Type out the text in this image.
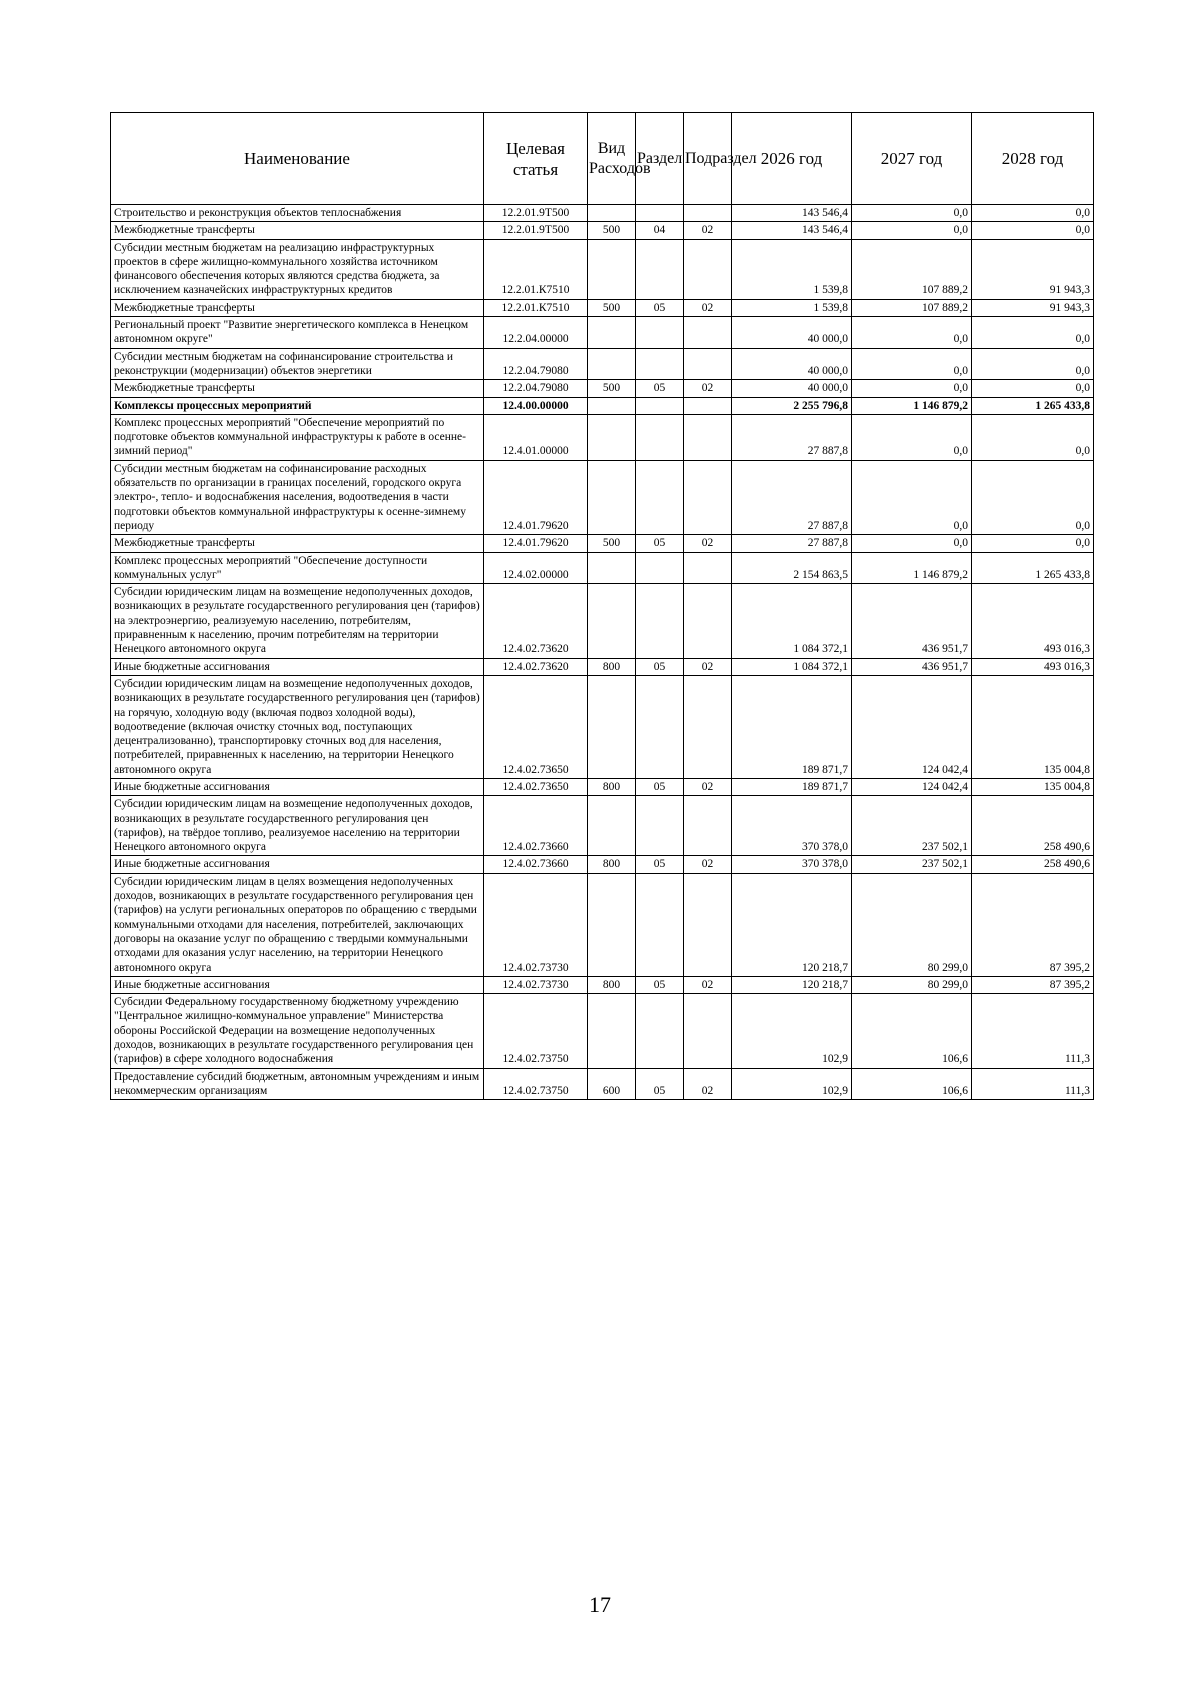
Наименование	Целевая статья	Вид Расходов	Раздел	Подраздел	2026 год	2027 год	2028 год
Строительство и реконструкция объектов теплоснабжения	12.2.01.9Т500				143 546,4	0,0	0,0
Межбюджетные трансферты	12.2.01.9Т500	500	04	02	143 546,4	0,0	0,0
Субсидии местным бюджетам на реализацию инфраструктурных проектов в сфере жилищно-коммунального хозяйства источником финансового обеспечения которых являются средства бюджета, за исключением казначейских инфраструктурных кредитов	12.2.01.К7510				1 539,8	107 889,2	91 943,3
Межбюджетные трансферты	12.2.01.К7510	500	05	02	1 539,8	107 889,2	91 943,3
Региональный проект "Развитие энергетического комплекса в Ненецком автономном округе"	12.2.04.00000				40 000,0	0,0	0,0
Субсидии местным бюджетам на софинансирование строительства и реконструкции (модернизации) объектов энергетики	12.2.04.79080				40 000,0	0,0	0,0
Межбюджетные трансферты	12.2.04.79080	500	05	02	40 000,0	0,0	0,0
Комплексы процессных мероприятий	12.4.00.00000				2 255 796,8	1 146 879,2	1 265 433,8
Комплекс процессных мероприятий "Обеспечение мероприятий по подготовке объектов коммунальной инфраструктуры к работе в осенне-зимний период"	12.4.01.00000				27 887,8	0,0	0,0
Субсидии местным бюджетам на софинансирование расходных обязательств по организации в границах поселений, городского округа электро-, тепло- и водоснабжения населения, водоотведения в части подготовки объектов коммунальной инфраструктуры к осенне-зимнему периоду	12.4.01.79620				27 887,8	0,0	0,0
Межбюджетные трансферты	12.4.01.79620	500	05	02	27 887,8	0,0	0,0
Комплекс процессных мероприятий "Обеспечение доступности коммунальных услуг"	12.4.02.00000				2 154 863,5	1 146 879,2	1 265 433,8
Субсидии юридическим лицам на возмещение недополученных доходов, возникающих в результате государственного регулирования цен (тарифов) на электроэнергию, реализуемую населению, потребителям, приравненным к населению, прочим потребителям на территории Ненецкого автономного округа	12.4.02.73620				1 084 372,1	436 951,7	493 016,3
Иные бюджетные ассигнования	12.4.02.73620	800	05	02	1 084 372,1	436 951,7	493 016,3
Субсидии юридическим лицам на возмещение недополученных доходов, возникающих в результате государственного регулирования цен (тарифов) на горячую, холодную воду (включая подвоз холодной воды), водоотведение (включая очистку сточных вод, поступающих децентрализованно), транспортировку сточных вод для населения, потребителей, приравненных к населению, на территории Ненецкого автономного округа	12.4.02.73650				189 871,7	124 042,4	135 004,8
Иные бюджетные ассигнования	12.4.02.73650	800	05	02	189 871,7	124 042,4	135 004,8
Субсидии юридическим лицам на возмещение недополученных доходов, возникающих в результате государственного регулирования цен (тарифов), на твёрдое топливо, реализуемое населению на территории Ненецкого автономного округа	12.4.02.73660				370 378,0	237 502,1	258 490,6
Иные бюджетные ассигнования	12.4.02.73660	800	05	02	370 378,0	237 502,1	258 490,6
Субсидии юридическим лицам в целях возмещения недополученных доходов, возникающих в результате государственного регулирования цен (тарифов) на услуги региональных операторов по обращению с твердыми коммунальными отходами для населения, потребителей, заключающих договоры на оказание услуг по обращению с твердыми коммунальными отходами для оказания услуг населению, на территории Ненецкого автономного округа	12.4.02.73730				120 218,7	80 299,0	87 395,2
Иные бюджетные ассигнования	12.4.02.73730	800	05	02	120 218,7	80 299,0	87 395,2
Субсидии Федеральному государственному бюджетному учреждению "Центральное жилищно-коммунальное управление" Министерства обороны Российской Федерации на возмещение недополученных доходов, возникающих в результате государственного регулирования цен (тарифов) в сфере холодного водоснабжения	12.4.02.73750				102,9	106,6	111,3
Предоставление субсидий бюджетным, автономным учреждениям и иным некоммерческим организациям	12.4.02.73750	600	05	02	102,9	106,6	111,3
17
